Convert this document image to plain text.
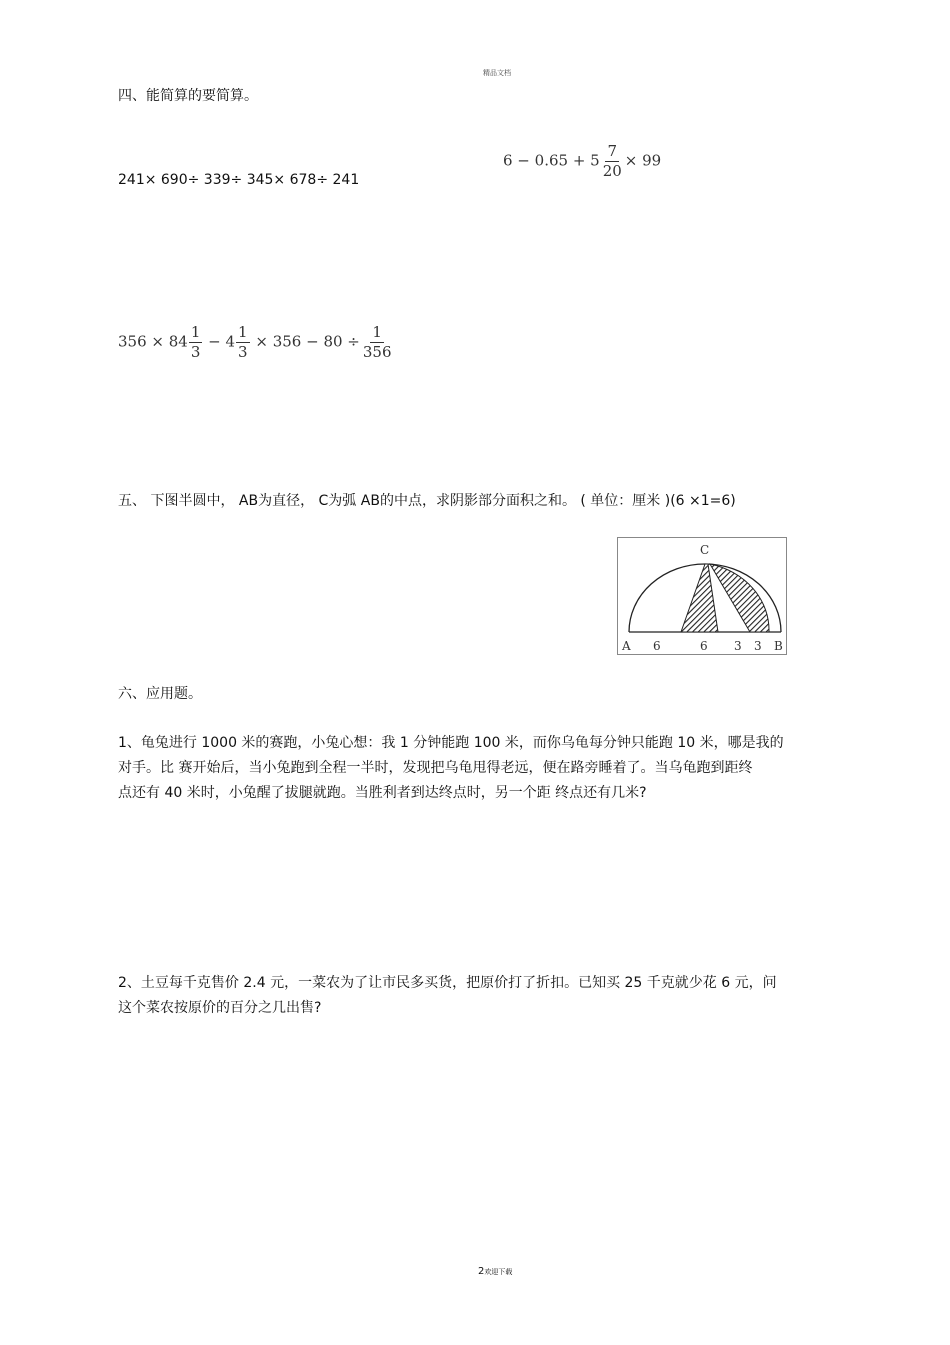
精品文档
四、能简算的要简算。
241× 690÷ 339÷ 345× 678÷ 241
$6 - 0.65 + 5 \frac{7}{20} \times 99$
$356 \times 84 \frac{1}{3} - 4 \frac{1}{3} \times 356 - 80 \div \frac{1}{356}$
五、 下图半圆中， AB为直径， C为弧 AB的中点，求阴影部分面积之和。 ( 单位：厘米 )(6 ×1=6)
C
A 6	6 3 3 B
六、应用题。
1、龟兔进行 1000 米的赛跑，小兔心想：我 1 分钟能跑 100 米，而你乌龟每分钟只能跑 10 米，哪是我的
对手。比 赛开始后，当小兔跑到全程一半时，发现把乌龟甩得老远，便在路旁睡着了。当乌龟跑到距终
点还有 40 米时，小兔醒了拔腿就跑。当胜利者到达终点时，另一个距 终点还有几米?
2、土豆每千克售价 2.4 元，一菜农为了让市民多买货，把原价打了折扣。已知买 25 千克就少花 6 元，问
这个菜农按原价的百分之几出售?
2欢迎下载
